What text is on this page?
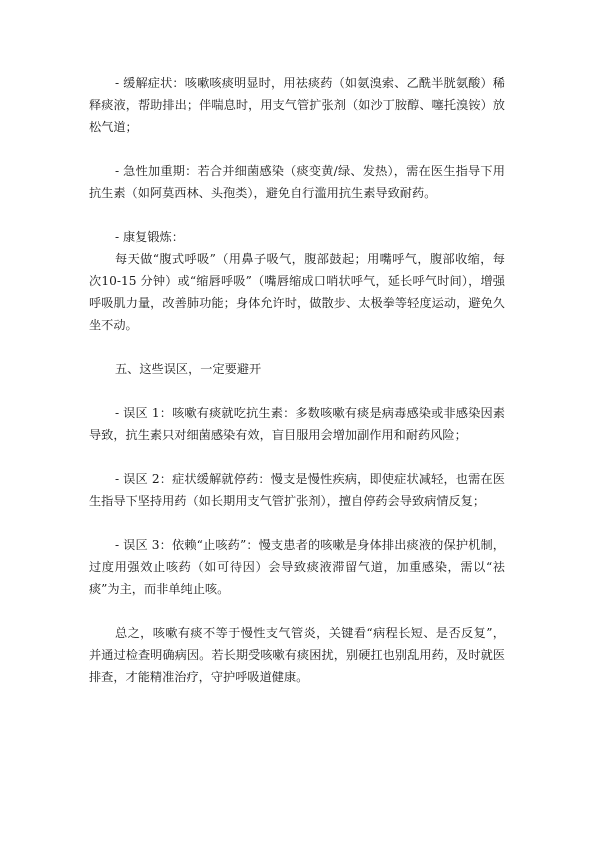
- 缓解症状：咳嗽咳痰明显时，用祛痰药（如氨溴索、乙酰半胱氨酸）稀释痰液，帮助排出；伴喘息时，用支气管扩张剂（如沙丁胺醇、噻托溴铵）放松气道；

- 急性加重期：若合并细菌感染（痰变黄/绿、发热），需在医生指导下用抗生素（如阿莫西林、头孢类），避免自行滥用抗生素导致耐药。

- 康复锻炼：

每天做“腹式呼吸”（用鼻子吸气，腹部鼓起；用嘴呼气，腹部收缩，每次10-15 分钟）或“缩唇呼吸”（嘴唇缩成口哨状呼气，延长呼气时间），增强呼吸肌力量，改善肺功能；身体允许时，做散步、太极拳等轻度运动，避免久坐不动。

五、这些误区，一定要避开

- 误区 1：咳嗽有痰就吃抗生素：多数咳嗽有痰是病毒感染或非感染因素导致，抗生素只对细菌感染有效，盲目服用会增加副作用和耐药风险；

- 误区 2：症状缓解就停药：慢支是慢性疾病，即使症状减轻，也需在医生指导下坚持用药（如长期用支气管扩张剂），擅自停药会导致病情反复；

- 误区 3：依赖“止咳药”：慢支患者的咳嗽是身体排出痰液的保护机制，过度用强效止咳药（如可待因）会导致痰液滞留气道，加重感染，需以“祛痰”为主，而非单纯止咳。

总之，咳嗽有痰不等于慢性支气管炎，关键看“病程长短、是否反复”，并通过检查明确病因。若长期受咳嗽有痰困扰，别硬扛也别乱用药，及时就医排查，才能精准治疗，守护呼吸道健康。
